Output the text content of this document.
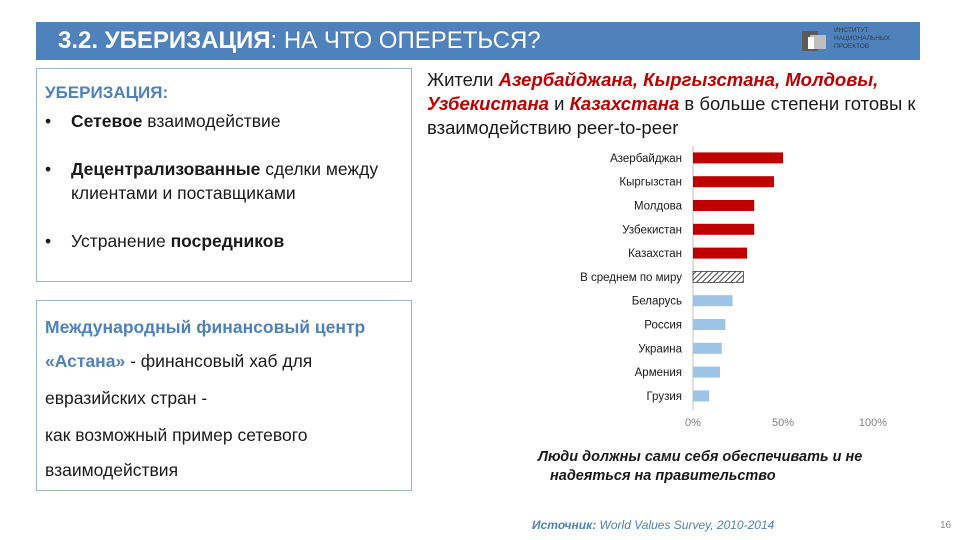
3.2. УБЕРИЗАЦИЯ: НА ЧТО ОПЕРЕТЬСЯ?	ИНСТИТУТ
НАЦИОНАЛЬНЫХ
ПРОЕКТОВ
УБЕРИЗАЦИЯ:
• Сетевое взаимодействие
• Децентрализованные сделки между клиентами и поставщиками
• Устранение посредников
Международный финансовый центр
«Астана» - финансовый хаб для
евразийских стран -
как возможный пример сетевого
взаимодействия
Жители Азербайджана, Кыргызстана, Молдовы,
Узбекистана и Казахстана в больше степени готовы к взаимодействию peer-to-peer
Азербайджан
Кыргызстан
Молдова
Узбекистан
Казахстан
В среднем по миру
Беларусь
Россия
Украина
Армения
Грузия
0%	50%	100%
Люди должны сами себя обеспечивать и не
надеяться на правительство
Источник: World Values Survey, 2010-2014	16
